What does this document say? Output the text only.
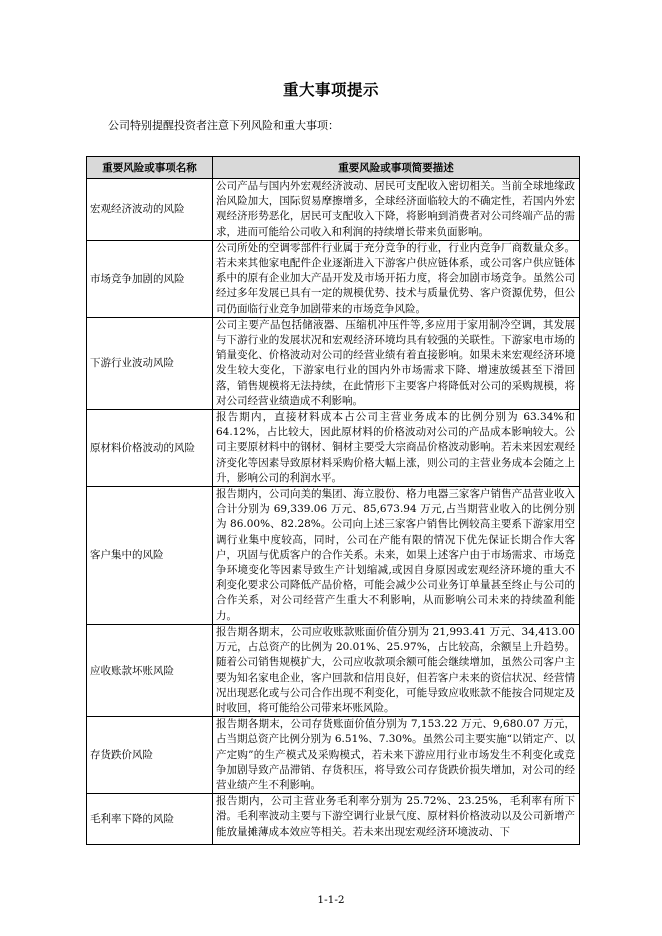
重大事项提示
公司特别提醒投资者注意下列风险和重大事项：
重要风险或事项名称	重要风险或事项简要描述
宏观经济波动的风险	公司产品与国内外宏观经济波动、居民可支配收入密切相关。当前全球地缘政治风险加大，国际贸易摩擦增多，全球经济面临较大的不确定性，若国内外宏观经济形势恶化，居民可支配收入下降，将影响到消费者对公司终端产品的需求，进而可能给公司收入和利润的持续增长带来负面影响。
市场竞争加剧的风险	公司所处的空调零部件行业属于充分竞争的行业，行业内竞争厂商数量众多。若未来其他家电配件企业逐渐进入下游客户供应链体系，或公司客户供应链体系中的原有企业加大产品开发及市场开拓力度，将会加剧市场竞争。虽然公司经过多年发展已具有一定的规模优势、技术与质量优势、客户资源优势，但公司仍面临行业竞争加剧带来的市场竞争风险。
下游行业波动风险	公司主要产品包括储液器、压缩机冲压件等,多应用于家用制冷空调，其发展与下游行业的发展状况和宏观经济环境均具有较强的关联性。下游家电市场的销量变化、价格波动对公司的经营业绩有着直接影响。如果未来宏观经济环境发生较大变化，下游家电行业的国内外市场需求下降、增速放缓甚至下滑回落，销售规模将无法持续，在此情形下主要客户将降低对公司的采购规模，将对公司经营业绩造成不利影响。
原材料价格波动的风险	报告期内，直接材料成本占公司主营业务成本的比例分别为 63.34%和64.12%，占比较大，因此原材料的价格波动对公司的产品成本影响较大。公司主要原材料中的钢材、铜材主要受大宗商品价格波动影响。若未来因宏观经济变化等因素导致原材料采购价格大幅上涨，则公司的主营业务成本会随之上升，影响公司的利润水平。
客户集中的风险	报告期内，公司向美的集团、海立股份、格力电器三家客户销售产品营业收入合计分别为 69,339.06 万元、85,673.94 万元,占当期营业收入的比例分别为 86.00%、82.28%。公司向上述三家客户销售比例较高主要系下游家用空调行业集中度较高，同时，公司在产能有限的情况下优先保证长期合作大客户，巩固与优质客户的合作关系。未来，如果上述客户由于市场需求、市场竞争环境变化等因素导致生产计划缩减,或因自身原因或宏观经济环境的重大不利变化要求公司降低产品价格，可能会减少公司业务订单量甚至终止与公司的合作关系，对公司经营产生重大不利影响，从而影响公司未来的持续盈利能力。
应收账款坏账风险	报告期各期末，公司应收账款账面价值分别为 21,993.41 万元、34,413.00 万元，占总资产的比例为 20.01%、25.97%，占比较高，余额呈上升趋势。随着公司销售规模扩大，公司应收款项余额可能会继续增加，虽然公司客户主要为知名家电企业，客户回款和信用良好，但若客户未来的资信状况、经营情况出现恶化或与公司合作出现不利变化，可能导致应收账款不能按合同规定及时收回，将可能给公司带来坏账风险。
存货跌价风险	报告期各期末，公司存货账面价值分别为 7,153.22 万元、9,680.07 万元，占当期总资产比例分别为 6.51%、7.30%。虽然公司主要实施“以销定产、以产定购”的生产模式及采购模式，若未来下游应用行业市场发生不利变化或竞争加剧导致产品滞销、存货积压，将导致公司存货跌价损失增加，对公司的经营业绩产生不利影响。
毛利率下降的风险	报告期内，公司主营业务毛利率分别为 25.72%、23.25%，毛利率有所下滑。毛利率波动主要与下游空调行业景气度、原材料价格波动以及公司新增产能放量摊薄成本效应等相关。若未来出现宏观经济环境波动、下
1-1-2
